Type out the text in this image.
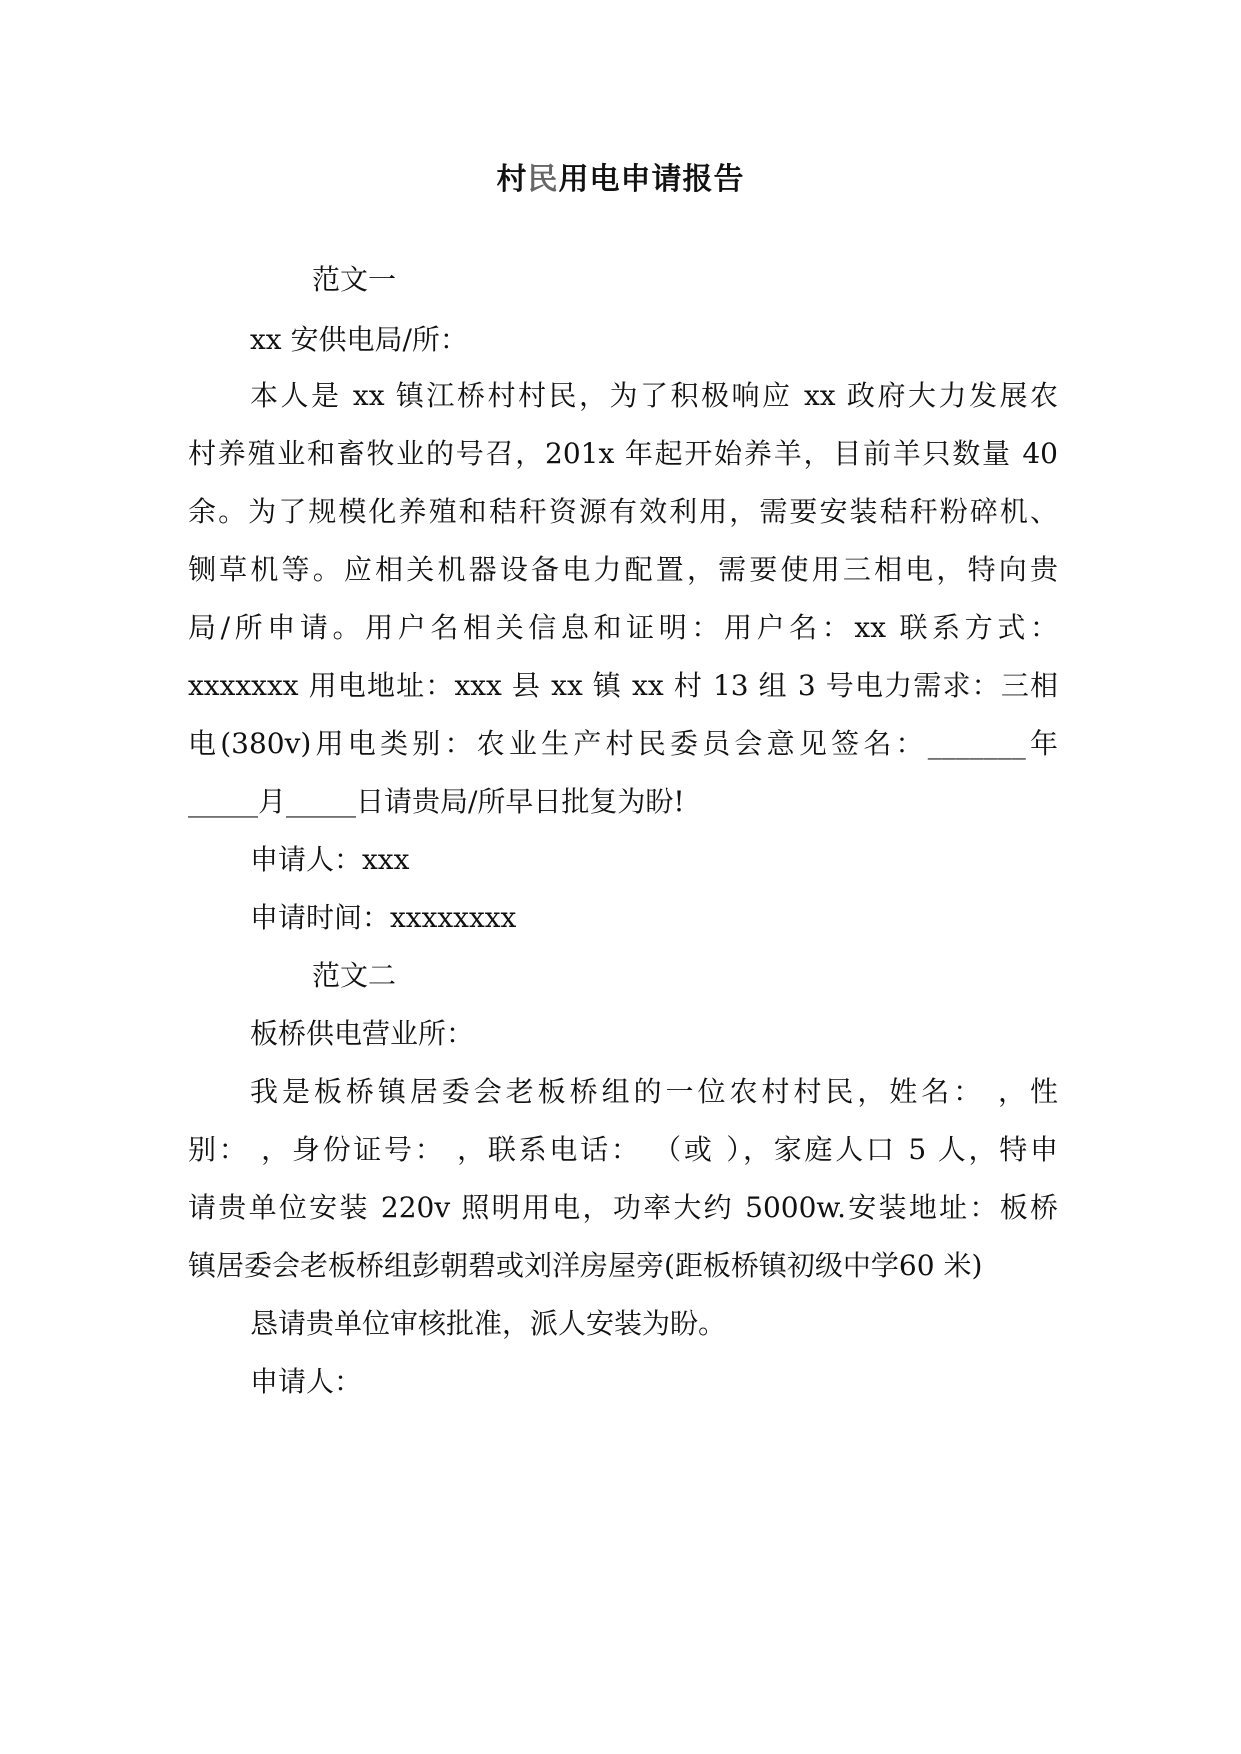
村民用电申请报告
范文一
xx 安供电局/所：
本人是 xx 镇江桥村村民，为了积极响应 xx 政府大力发展农
村养殖业和畜牧业的号召，201x 年起开始养羊，目前羊只数量 40
余。为了规模化养殖和秸秆资源有效利用，需要安装秸秆粉碎机、
铡草机等。应相关机器设备电力配置，需要使用三相电，特向贵
局/所申请。用户名相关信息和证明：用户名：xx 联系方式：
xxxxxxx 用电地址：xxx 县 xx 镇 xx 村 13 组 3 号电力需求：三相
电(380v)用电类别：农业生产村民委员会意见签名：_______年
_____月_____日请贵局/所早日批复为盼!
申请人：xxx
申请时间：xxxxxxxx
范文二
板桥供电营业所：
我是板桥镇居委会老板桥组的一位农村村民，姓名： ，性
别： ，身份证号： ，联系电话： （或 ），家庭人口 5 人，特申
请贵单位安装 220v 照明用电，功率大约 5000w.安装地址：板桥
镇居委会老板桥组彭朝碧或刘洋房屋旁(距板桥镇初级中学60 米)
恳请贵单位审核批准，派人安装为盼。
申请人：
